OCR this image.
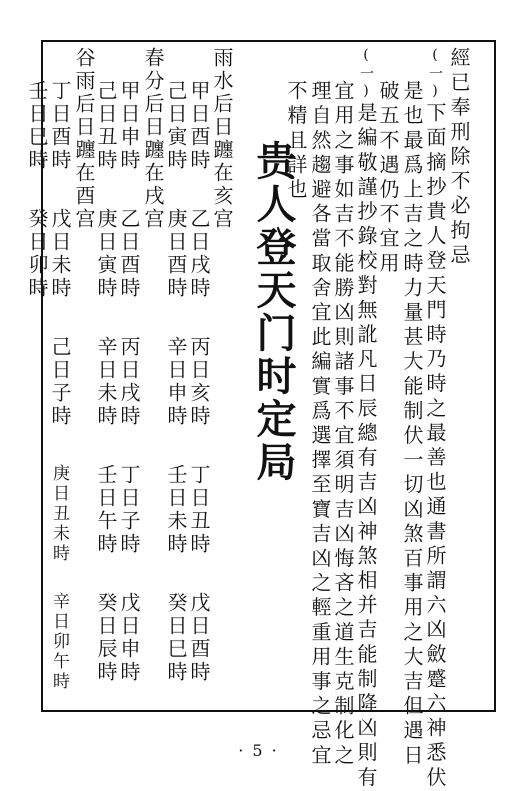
經已奉刑除不必拘忌
(一)下面摘抄貴人登天門時乃時之最善也通書所謂六凶斂蹙六神悉伏
是也最爲上吉之時力量甚大能制伏一切凶煞百事用之大吉但遇日
破五不遇仍不宜用
(一)是編敬謹抄錄校對無訛凡日辰總有吉凶神煞相并吉能制降凶則有
宜用之事如吉不能勝凶則諸事不宜須明吉凶悔吝之道生克制化之
理自然趨避各當取舍宜此編實爲選擇至寶吉凶之輕重用事之忌宜
不精且詳也
贵人登天门时定局
雨水后日躔在亥宫
甲日酉時
乙日戌時
丙日亥時
丁日丑時
戊日酉時
己日寅時
庚日酉時
辛日申時
壬日未時
癸日巳時
春分后日躔在戌宫
甲日申時
乙日酉時
丙日戌時
丁日子時
戊日申時
己日丑時
庚日寅時
辛日未時
壬日午時
癸日辰時
谷雨后日躔在酉宫
丁日酉時
戊日未時
己日子時
庚日丑未時
辛日卯午時
壬日巳時
癸日卯時
· 5 ·
